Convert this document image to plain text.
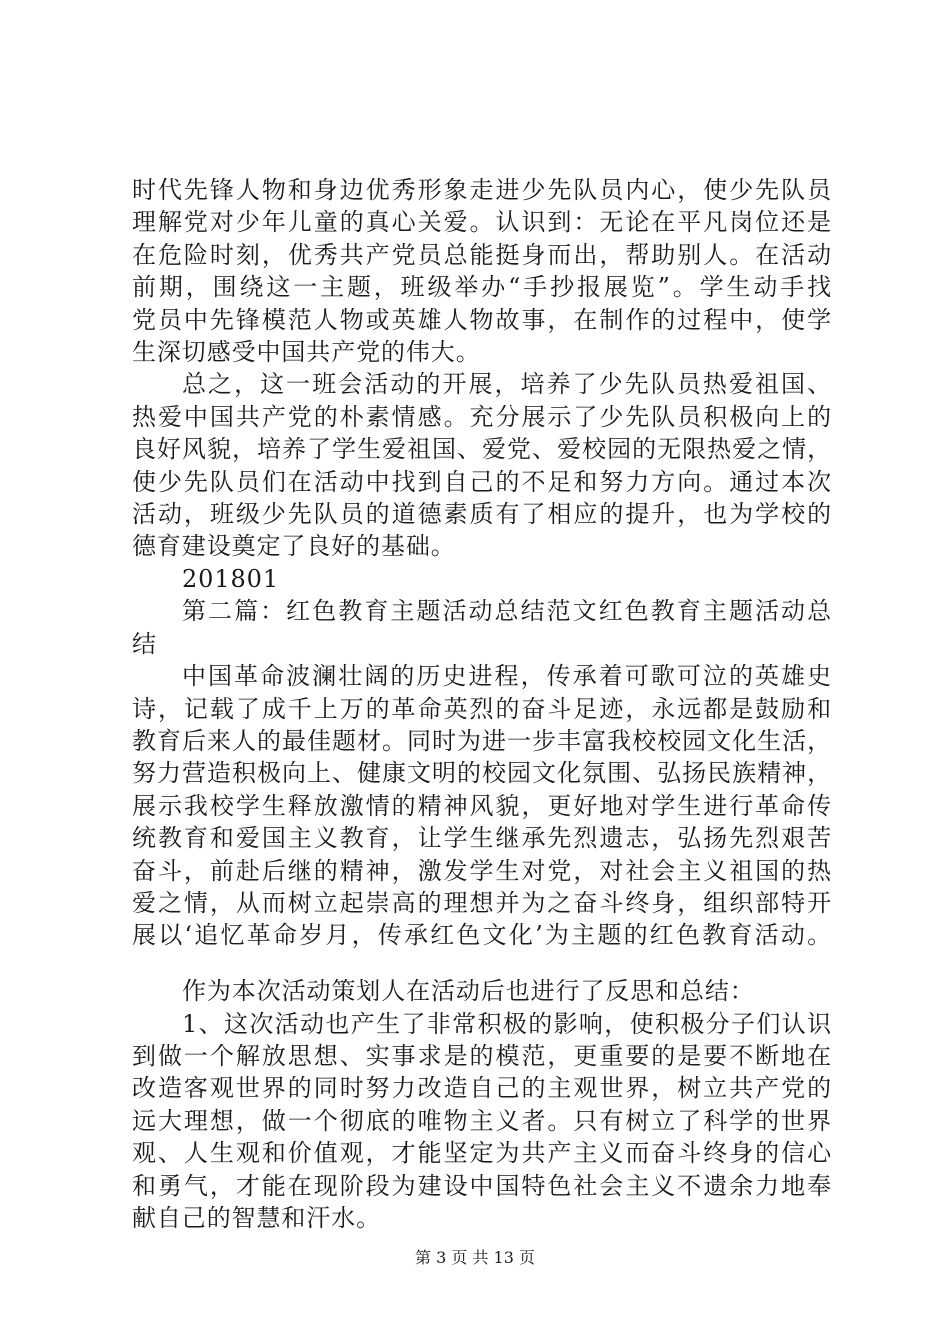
时代先锋人物和身边优秀形象走进少先队员内心，使少先队员
理解党对少年儿童的真心关爱。认识到：无论在平凡岗位还是
在危险时刻，优秀共产党员总能挺身而出，帮助别人。在活动
前期，围绕这一主题，班级举办“手抄报展览”。学生动手找
党员中先锋模范人物或英雄人物故事，在制作的过程中，使学
生深切感受中国共产党的伟大。
总之，这一班会活动的开展，培养了少先队员热爱祖国、
热爱中国共产党的朴素情感。充分展示了少先队员积极向上的
良好风貌，培养了学生爱祖国、爱党、爱校园的无限热爱之情，
使少先队员们在活动中找到自己的不足和努力方向。通过本次
活动，班级少先队员的道德素质有了相应的提升，也为学校的
德育建设奠定了良好的基础。
201801
第二篇：红色教育主题活动总结范文红色教育主题活动总
结
中国革命波澜壮阔的历史进程，传承着可歌可泣的英雄史
诗，记载了成千上万的革命英烈的奋斗足迹，永远都是鼓励和
教育后来人的最佳题材。同时为进一步丰富我校校园文化生活，
努力营造积极向上、健康文明的校园文化氛围、弘扬民族精神，
展示我校学生释放激情的精神风貌，更好地对学生进行革命传
统教育和爱国主义教育，让学生继承先烈遗志，弘扬先烈艰苦
奋斗，前赴后继的精神，激发学生对党，对社会主义祖国的热
爱之情，从而树立起崇高的理想并为之奋斗终身，组织部特开
展以‘追忆革命岁月，传承红色文化’为主题的红色教育活动。
作为本次活动策划人在活动后也进行了反思和总结：
1、这次活动也产生了非常积极的影响，使积极分子们认识
到做一个解放思想、实事求是的模范，更重要的是要不断地在
改造客观世界的同时努力改造自己的主观世界，树立共产党的
远大理想，做一个彻底的唯物主义者。只有树立了科学的世界
观、人生观和价值观，才能坚定为共产主义而奋斗终身的信心
和勇气，才能在现阶段为建设中国特色社会主义不遗余力地奉
献自己的智慧和汗水。
第 3 页 共 13 页
